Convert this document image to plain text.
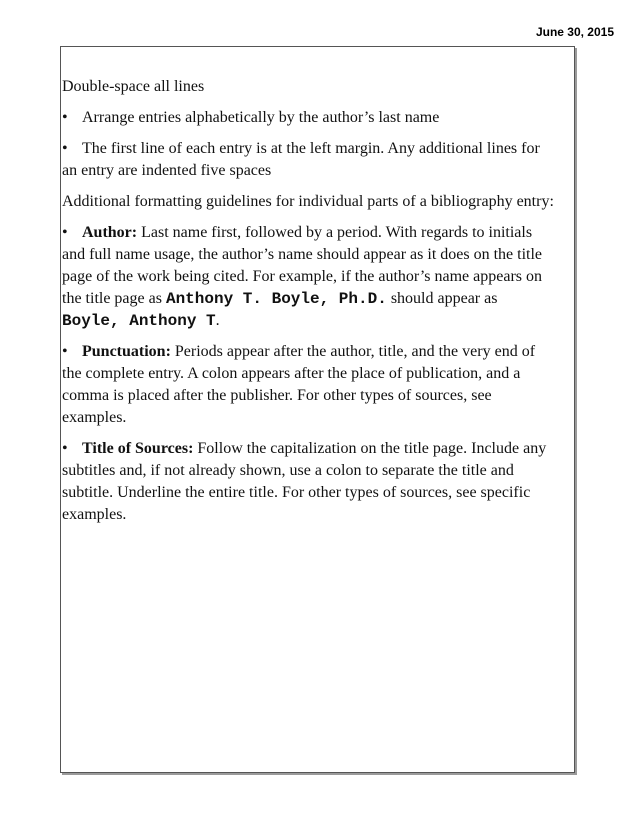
June 30, 2015

Double-space all lines

• Arrange entries alphabetically by the author’s last name

• The first line of each entry is at the left margin. Any additional lines for an entry are indented five spaces

Additional formatting guidelines for individual parts of a bibliography entry:

• Author: Last name first, followed by a period. With regards to initials and full name usage, the author’s name should appear as it does on the title page of the work being cited. For example, if the author’s name appears on the title page as Anthony T. Boyle, Ph.D. should appear as Boyle, Anthony T.

• Punctuation: Periods appear after the author, title, and the very end of the complete entry. A colon appears after the place of publication, and a comma is placed after the publisher. For other types of sources, see examples.

• Title of Sources: Follow the capitalization on the title page. Include any subtitles and, if not already shown, use a colon to separate the title and subtitle. Underline the entire title. For other types of sources, see specific examples.
